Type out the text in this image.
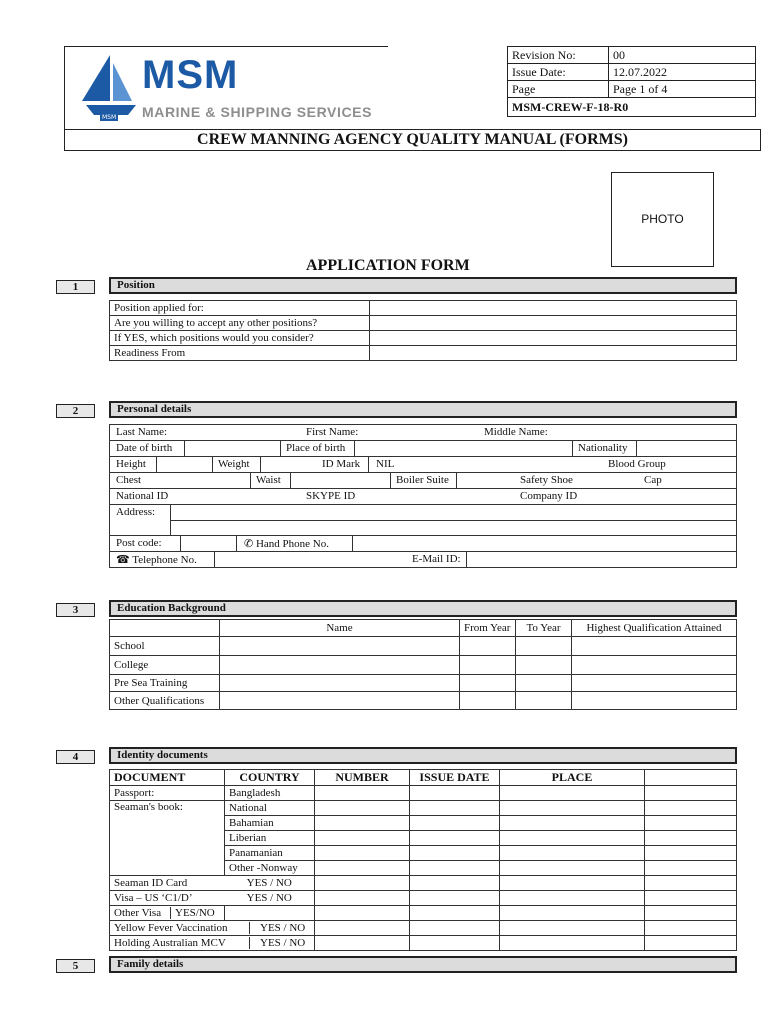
MSM
MSM
MARINE & SHIPPING SERVICES
Revision No:	00
Issue Date:	12.07.2022
Page	Page 1 of 4
MSM-CREW-F-18-R0	
CREW MANNING AGENCY QUALITY MANUAL (FORMS)
PHOTO
APPLICATION FORM
1	Position
Position applied for:	
Are you willing to accept any other positions?	
If YES, which positions would you consider?	
Readiness From	
2	Personal details
Last Name:	First Name:	Middle Name:
Date of birth	Place of birth	Nationality
Height	Weight	ID Mark NIL	Blood Group
Chest	Waist	Boiler Suite	Safety Shoe	Cap
National ID	SKYPE ID	Company ID
Address:
Post code:	✆ Hand Phone No.
☎ Telephone No.	E-Mail ID:
3	Education Background
	Name	From Year	To Year	Highest Qualification Attained
School				
College				
Pre Sea Training				
Other Qualifications				
4	Identity documents
DOCUMENT	COUNTRY	NUMBER	ISSUE DATE	PLACE	
Passport:	Bangladesh				
Seaman's book:	National				
	Bahamian				
	Liberian				
	Panamanian				
	Other -Nonway				
Seaman ID Card	YES / NO				
Visa – US ‘C1/D’	YES / NO				
Other Visa YES/NO					
Yellow Fever Vaccination YES / NO					
Holding Australian MCV YES / NO					
5	Family details
